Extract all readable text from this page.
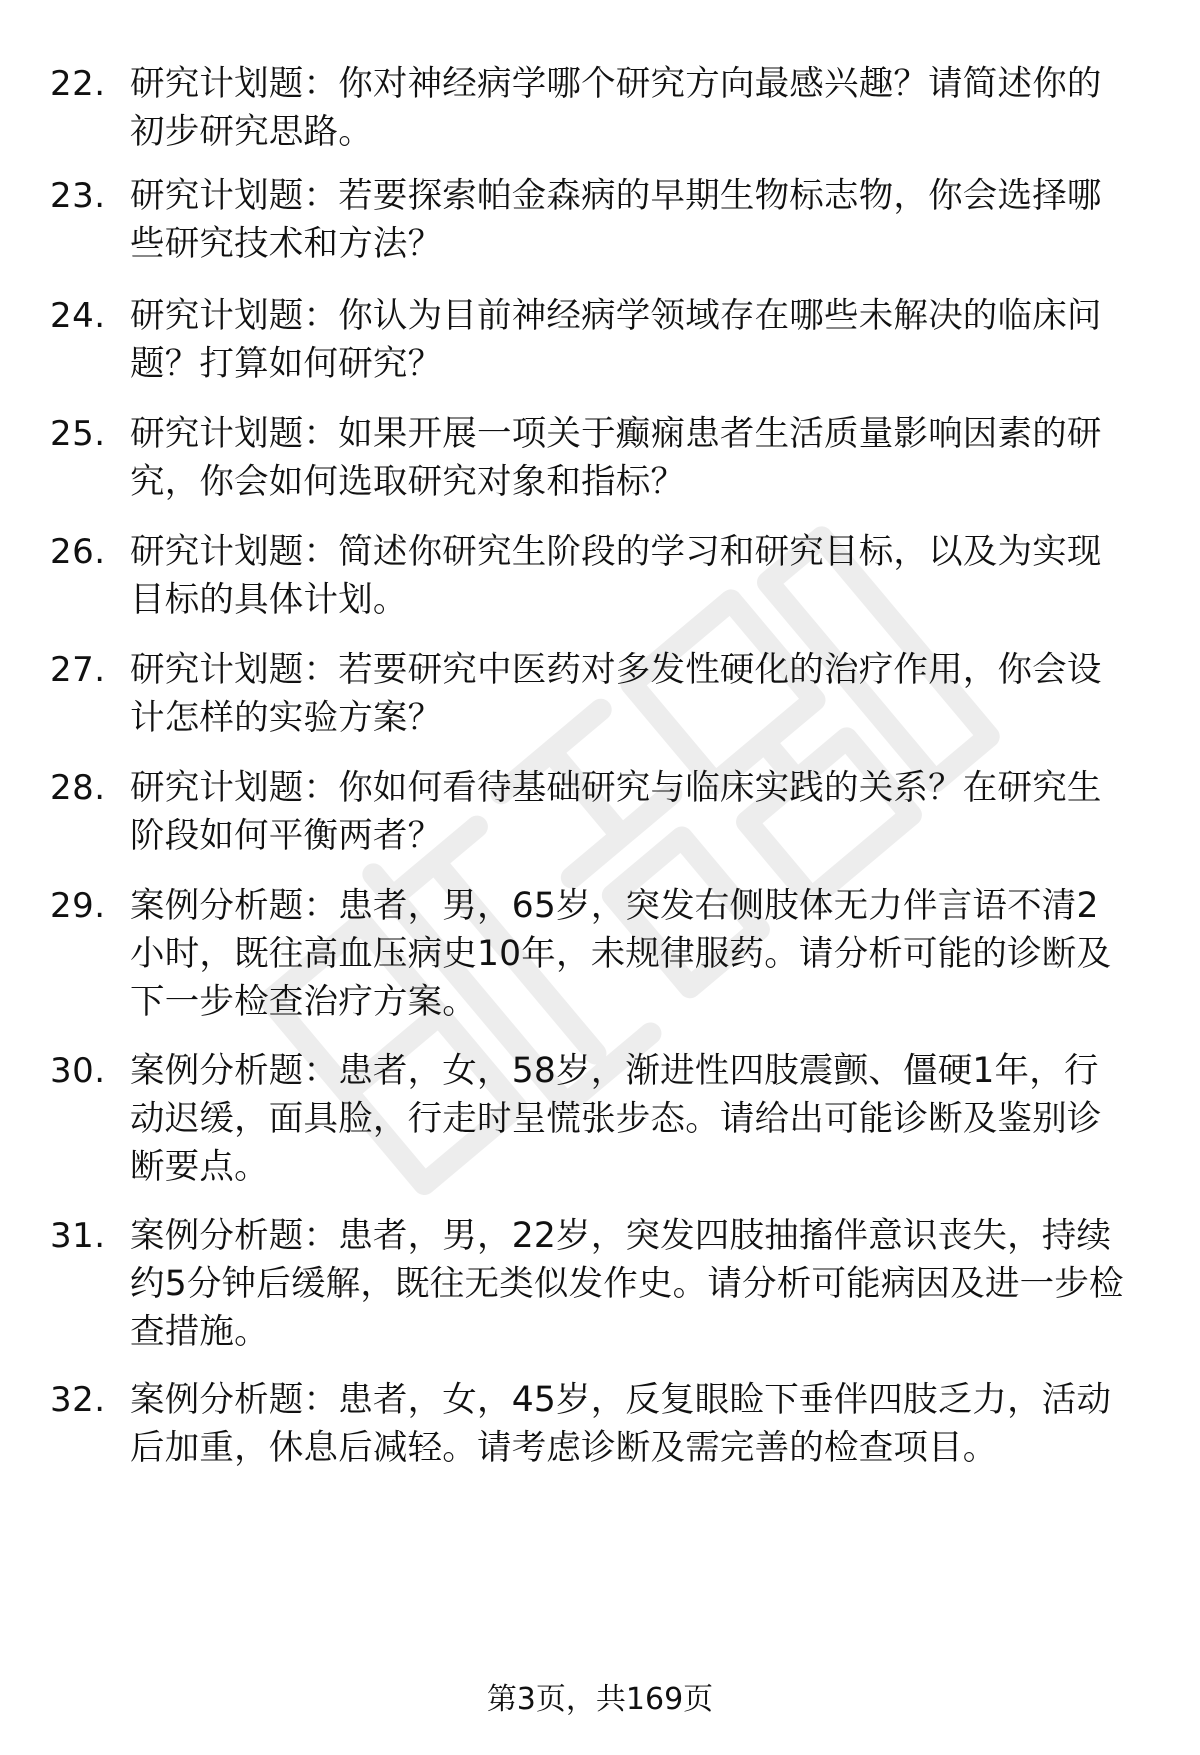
22. 研究计划题：你对神经病学哪个研究方向最感兴趣？请简述你的
初步研究思路。
23. 研究计划题：若要探索帕金森病的早期生物标志物，你会选择哪
些研究技术和方法？
24. 研究计划题：你认为目前神经病学领域存在哪些未解决的临床问
题？打算如何研究？
25. 研究计划题：如果开展一项关于癫痫患者生活质量影响因素的研
究，你会如何选取研究对象和指标？
26. 研究计划题：简述你研究生阶段的学习和研究目标，以及为实现
目标的具体计划。
27. 研究计划题：若要研究中医药对多发性硬化的治疗作用，你会设
计怎样的实验方案？
28. 研究计划题：你如何看待基础研究与临床实践的关系？在研究生
阶段如何平衡两者？
29. 案例分析题：患者，男，65岁，突发右侧肢体无力伴言语不清2
小时，既往高血压病史10年，未规律服药。请分析可能的诊断及
下一步检查治疗方案。
30. 案例分析题：患者，女，58岁，渐进性四肢震颤、僵硬1年，行
动迟缓，面具脸，行走时呈慌张步态。请给出可能诊断及鉴别诊
断要点。
31. 案例分析题：患者，男，22岁，突发四肢抽搐伴意识丧失，持续
约5分钟后缓解，既往无类似发作史。请分析可能病因及进一步检
查措施。
32. 案例分析题：患者，女，45岁，反复眼睑下垂伴四肢乏力，活动
后加重，休息后减轻。请考虑诊断及需完善的检查项目。
第3页，共169页
